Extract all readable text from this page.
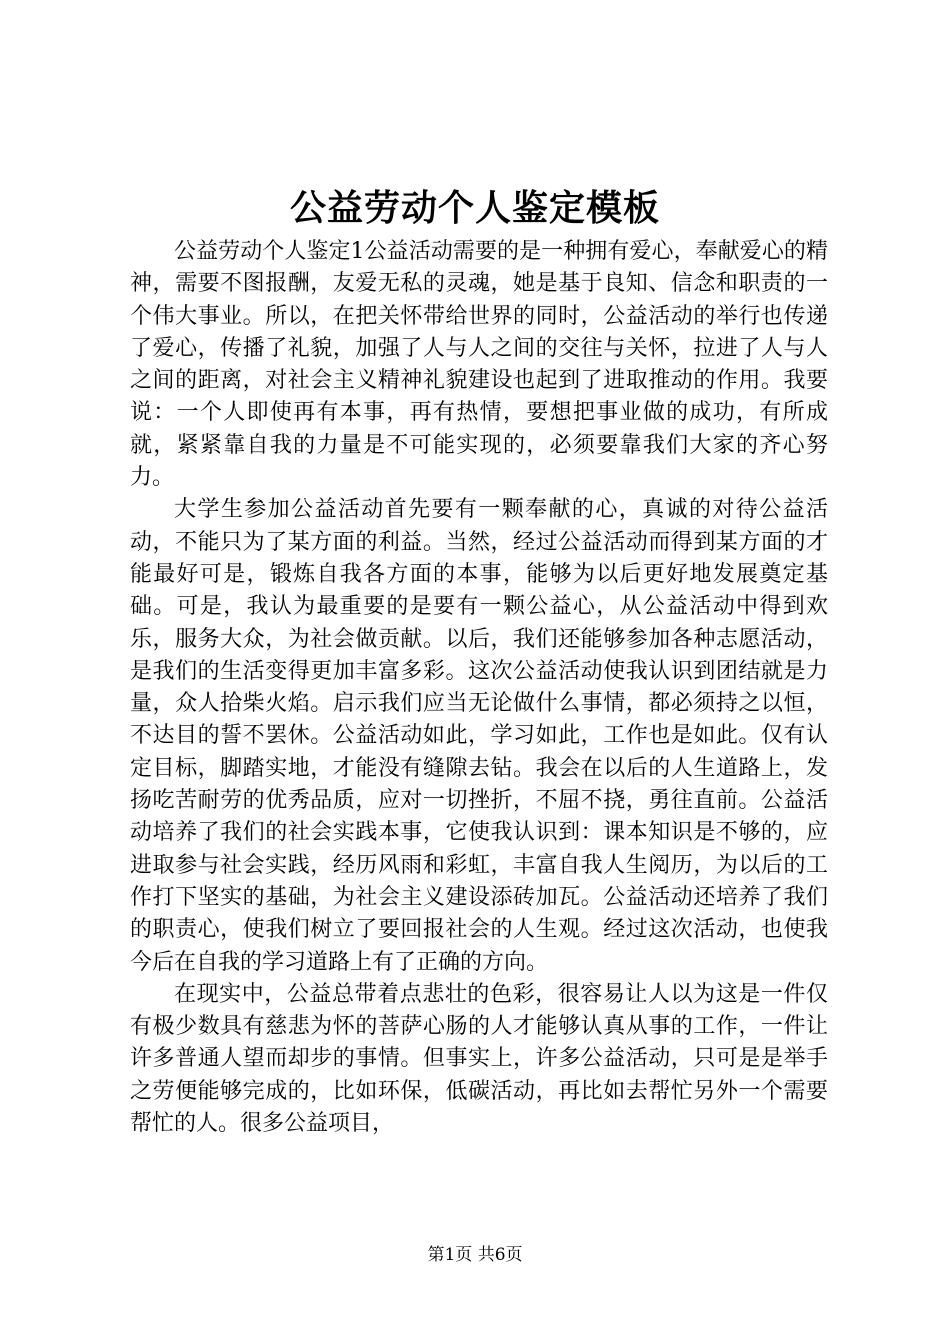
公益劳动个人鉴定模板

公益劳动个人鉴定1公益活动需要的是一种拥有爱心，奉献爱心的精神，需要不图报酬，友爱无私的灵魂，她是基于良知、信念和职责的一个伟大事业。所以，在把关怀带给世界的同时，公益活动的举行也传递了爱心，传播了礼貌，加强了人与人之间的交往与关怀，拉进了人与人之间的距离，对社会主义精神礼貌建设也起到了进取推动的作用。我要说：一个人即使再有本事，再有热情，要想把事业做的成功，有所成就，紧紧靠自我的力量是不可能实现的，必须要靠我们大家的齐心努力。

大学生参加公益活动首先要有一颗奉献的心，真诚的对待公益活动，不能只为了某方面的利益。当然，经过公益活动而得到某方面的才能最好可是，锻炼自我各方面的本事，能够为以后更好地发展奠定基础。可是，我认为最重要的是要有一颗公益心，从公益活动中得到欢乐，服务大众，为社会做贡献。以后，我们还能够参加各种志愿活动，是我们的生活变得更加丰富多彩。这次公益活动使我认识到团结就是力量，众人拾柴火焰。启示我们应当无论做什么事情，都必须持之以恒，不达目的誓不罢休。公益活动如此，学习如此，工作也是如此。仅有认定目标，脚踏实地，才能没有缝隙去钻。我会在以后的人生道路上，发扬吃苦耐劳的优秀品质，应对一切挫折，不屈不挠，勇往直前。公益活动培养了我们的社会实践本事，它使我认识到：课本知识是不够的，应进取参与社会实践，经历风雨和彩虹，丰富自我人生阅历，为以后的工作打下坚实的基础，为社会主义建设添砖加瓦。公益活动还培养了我们的职责心，使我们树立了要回报社会的人生观。经过这次活动，也使我今后在自我的学习道路上有了正确的方向。

在现实中，公益总带着点悲壮的色彩，很容易让人以为这是一件仅有极少数具有慈悲为怀的菩萨心肠的人才能够认真从事的工作，一件让许多普通人望而却步的事情。但事实上，许多公益活动，只可是是举手之劳便能够完成的，比如环保，低碳活动，再比如去帮忙另外一个需要帮忙的人。很多公益项目，

第1页 共6页
